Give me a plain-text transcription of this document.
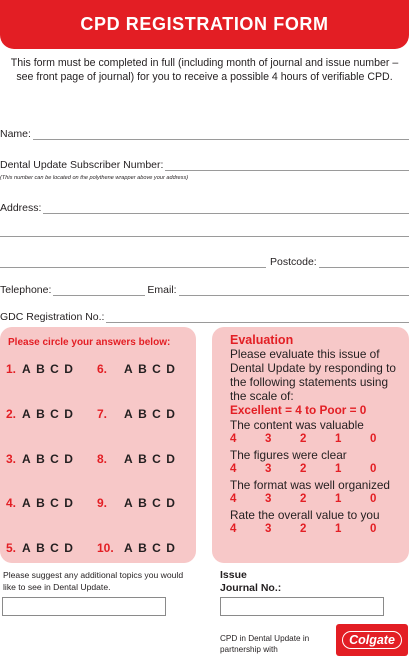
CPD REGISTRATION FORM

This form must be completed in full (including month of journal and issue number – see front page of journal) for you to receive a possible 4 hours of verifiable CPD.

Name:
Dental Update Subscriber Number:
(This number can be located on the polythene wrapper above your address)
Address:
Postcode:
Telephone:	Email:
GDC Registration No.:
Please circle your answers below:
1. A B C D	6. A B C D
2. A B C D	7. A B C D
3. A B C D	8. A B C D
4. A B C D	9. A B C D
5. A B C D	10. A B C D
Evaluation
Please evaluate this issue of Dental Update by responding to the following statements using the scale of:
Excellent = 4 to Poor = 0
The content was valuable
4	3	2	1	0
The figures were clear
4	3	2	1	0
The format was well organized
4	3	2	1	0
Rate the overall value to you
4	3	2	1	0

Please suggest any additional topics you would like to see in Dental Update.

Issue
Journal No.:

CPD in Dental Update in partnership with

Colgate
